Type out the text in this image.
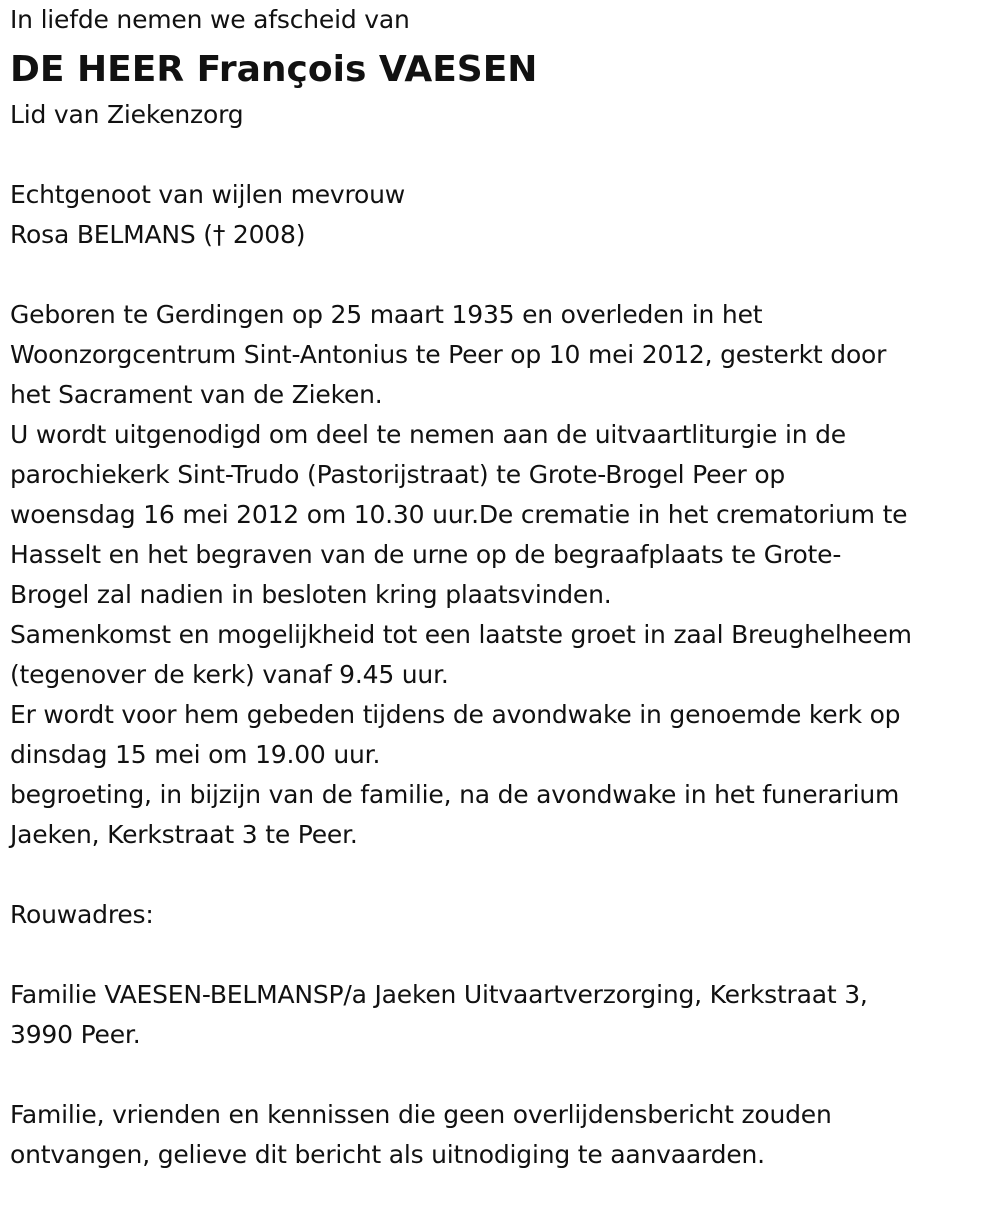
In liefde nemen we afscheid van
DE HEER François VAESEN
Lid van Ziekenzorg
Echtgenoot van wijlen mevrouw
Rosa BELMANS († 2008)
Geboren te Gerdingen op 25 maart 1935 en overleden in het
Woonzorgcentrum Sint-Antonius te Peer op 10 mei 2012, gesterkt door
het Sacrament van de Zieken.
U wordt uitgenodigd om deel te nemen aan de uitvaartliturgie in de
parochiekerk Sint-Trudo (Pastorijstraat) te Grote-Brogel Peer op
woensdag 16 mei 2012 om 10.30 uur.De crematie in het crematorium te
Hasselt en het begraven van de urne op de begraafplaats te Grote-
Brogel zal nadien in besloten kring plaatsvinden.
Samenkomst en mogelijkheid tot een laatste groet in zaal Breughelheem
(tegenover de kerk) vanaf 9.45 uur.
Er wordt voor hem gebeden tijdens de avondwake in genoemde kerk op
dinsdag 15 mei om 19.00 uur.
begroeting, in bijzijn van de familie, na de avondwake in het funerarium
Jaeken, Kerkstraat 3 te Peer.
Rouwadres:
Familie VAESEN-BELMANSP/a Jaeken Uitvaartverzorging, Kerkstraat 3,
3990 Peer.
Familie, vrienden en kennissen die geen overlijdensbericht zouden
ontvangen, gelieve dit bericht als uitnodiging te aanvaarden.
